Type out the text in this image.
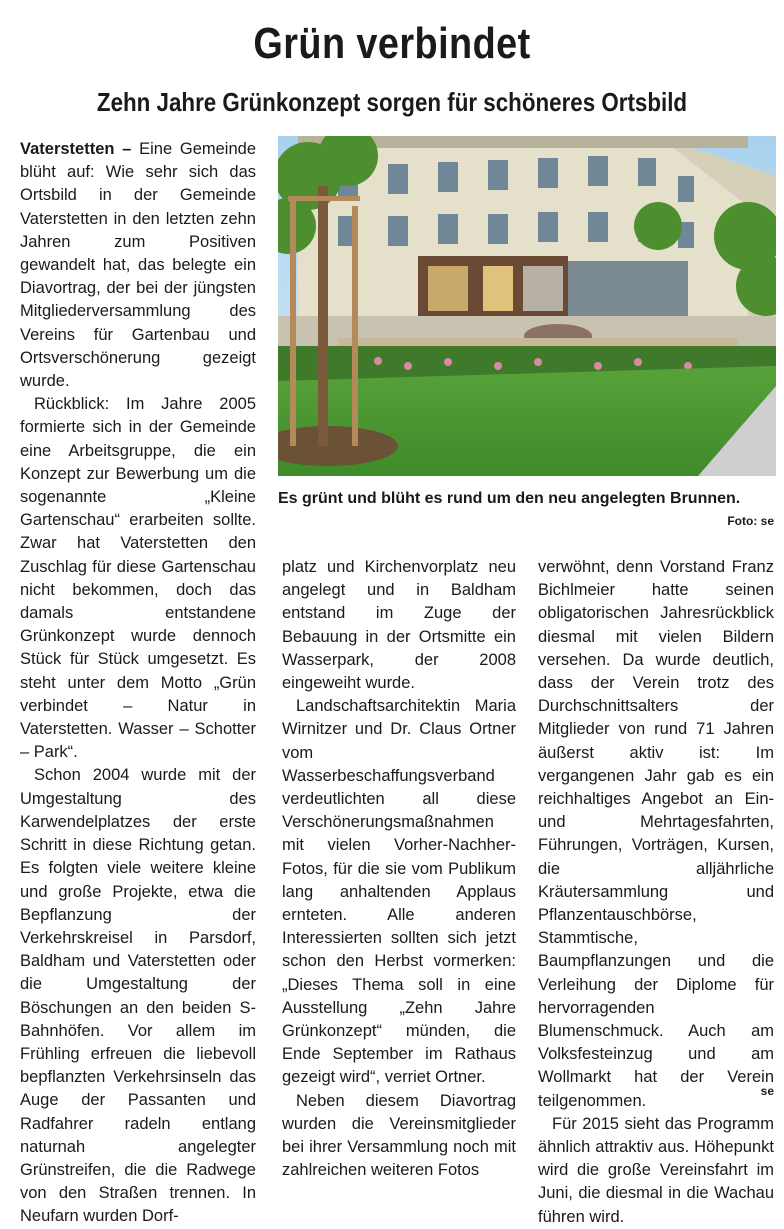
Grün verbindet
Zehn Jahre Grünkonzept sorgen für schöneres Ortsbild

Vaterstetten – Eine Gemeinde blüht auf: Wie sehr sich das Ortsbild in der Gemeinde Vaterstetten in den letzten zehn Jahren zum Positiven gewandelt hat, das belegte ein Diavortrag, der bei der jüngsten Mitgliederversammlung des Vereins für Gartenbau und Ortsverschönerung gezeigt wurde.

Rückblick: Im Jahre 2005 formierte sich in der Gemeinde eine Arbeitsgruppe, die ein Konzept zur Bewerbung um die sogenannte „Kleine Gartenschau“ erarbeiten sollte. Zwar hat Vaterstetten den Zuschlag für diese Gartenschau nicht bekommen, doch das damals entstandene Grünkonzept wurde dennoch Stück für Stück umgesetzt. Es steht unter dem Motto „Grün verbindet – Natur in Vaterstetten. Wasser – Schotter – Park“.

Schon 2004 wurde mit der Umgestaltung des Karwendelplatzes der erste Schritt in diese Richtung getan. Es folgten viele weitere kleine und große Projekte, etwa die Bepflanzung der Verkehrskreisel in Parsdorf, Baldham und Vaterstetten oder die Umgestaltung der Böschungen an den beiden S-Bahnhöfen. Vor allem im Frühling erfreuen die liebevoll bepflanzten Verkehrsinseln das Auge der Passanten und Radfahrer radeln entlang naturnah angelegter Grünstreifen, die die Radwege von den Straßen trennen. In Neufarn wurden Dorf-

Es grünt und blüht es rund um den neu angelegten Brunnen.

Foto: se

platz und Kirchenvorplatz neu angelegt und in Baldham entstand im Zuge der Bebauung in der Ortsmitte ein Wasserpark, der 2008 eingeweiht wurde.

Landschaftsarchitektin Maria Wirnitzer und Dr. Claus Ortner vom Wasserbeschaffungsverband verdeutlichten all diese Verschönerungsmaßnahmen mit vielen Vorher-Nachher-Fotos, für die sie vom Publikum lang anhaltenden Applaus ernteten. Alle anderen Interessierten sollten sich jetzt schon den Herbst vormerken: „Dieses Thema soll in eine Ausstellung „Zehn Jahre Grünkonzept“ münden, die Ende September im Rathaus gezeigt wird“, verriet Ortner.

Neben diesem Diavortrag wurden die Vereinsmitglieder bei ihrer Versammlung noch mit zahlreichen weiteren Fotos

verwöhnt, denn Vorstand Franz Bichlmeier hatte seinen obligatorischen Jahresrückblick diesmal mit vielen Bildern versehen. Da wurde deutlich, dass der Verein trotz des Durchschnittsalters der Mitglieder von rund 71 Jahren äußerst aktiv ist: Im vergangenen Jahr gab es ein reichhaltiges Angebot an Ein- und Mehrtagesfahrten, Führungen, Vorträgen, Kursen, die alljährliche Kräutersammlung und Pflanzentauschbörse, Stammtische, Baumpflanzungen und die Verleihung der Diplome für hervorragenden Blumenschmuck. Auch am Volksfesteinzug und am Wollmarkt hat der Verein teilgenommen.

Für 2015 sieht das Programm ähnlich attraktiv aus. Höhepunkt wird die große Vereinsfahrt im Juni, die diesmal in die Wachau führen wird.

se
